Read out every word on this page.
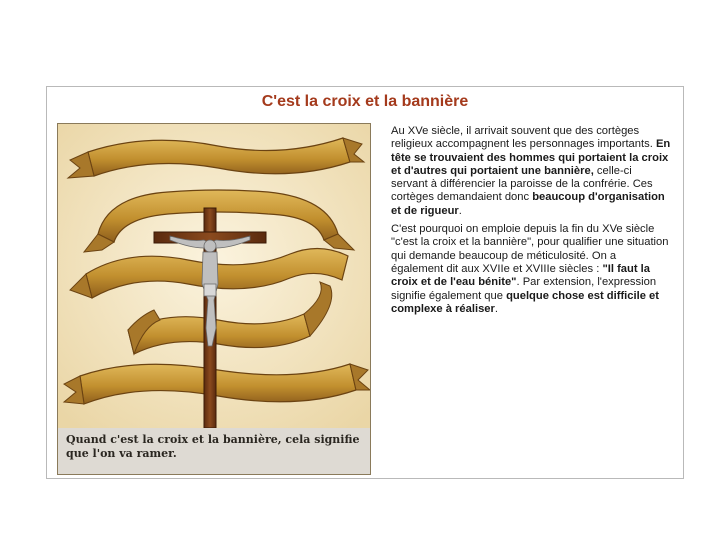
C'est la croix et la bannière
Quand c'est la croix et la bannière, cela signifie que l'on va ramer.

Au XVe siècle, il arrivait souvent que des cortèges religieux accompagnent les personnages importants. En tête se trouvaient des hommes qui portaient la croix et d'autres qui portaient une bannière, celle-ci servant à différencier la paroisse de la confrérie. Ces cortèges demandaient donc beaucoup d'organisation et de rigueur.

C'est pourquoi on emploie depuis la fin du XVe siècle "c'est la croix et la bannière", pour qualifier une situation qui demande beaucoup de méticulosité. On a également dit aux XVIIe et XVIIIe siècles : "Il faut la croix et de l'eau bénite". Par extension, l'expression signifie également que quelque chose est difficile et complexe à réaliser.
